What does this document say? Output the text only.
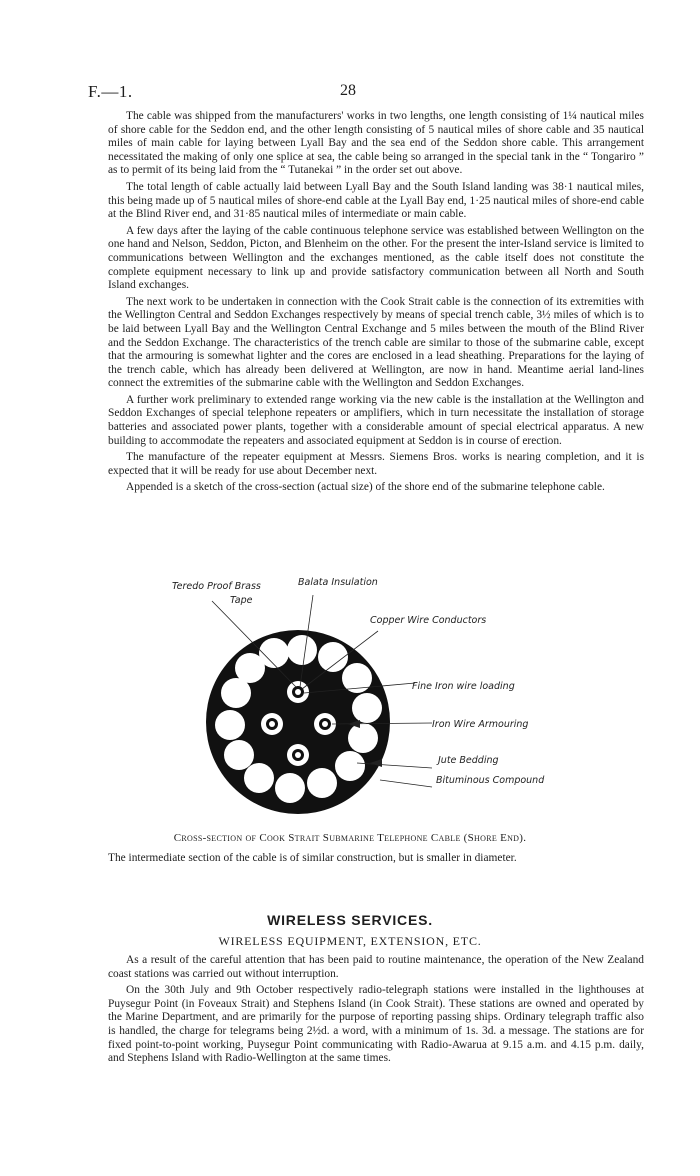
F.—1.	28

The cable was shipped from the manufacturers' works in two lengths, one length consisting of 1¼ nautical miles of shore cable for the Seddon end, and the other length consisting of 5 nautical miles of shore cable and 35 nautical miles of main cable for laying between Lyall Bay and the sea end of the Seddon shore cable. This arrangement necessitated the making of only one splice at sea, the cable being so arranged in the special tank in the “ Tongariro ” as to permit of its being laid from the “ Tutanekai ” in the order set out above.

The total length of cable actually laid between Lyall Bay and the South Island landing was 38·1 nautical miles, this being made up of 5 nautical miles of shore-end cable at the Lyall Bay end, 1·25 nautical miles of shore-end cable at the Blind River end, and 31·85 nautical miles of intermediate or main cable.

A few days after the laying of the cable continuous telephone service was established between Wellington on the one hand and Nelson, Seddon, Picton, and Blenheim on the other. For the present the inter-Island service is limited to communications between Wellington and the exchanges mentioned, as the cable itself does not constitute the complete equipment necessary to link up and provide satisfactory communication between all North and South Island exchanges.

The next work to be undertaken in connection with the Cook Strait cable is the connection of its extremities with the Wellington Central and Seddon Exchanges respectively by means of special trench cable, 3½ miles of which is to be laid between Lyall Bay and the Wellington Central Exchange and 5 miles between the mouth of the Blind River and the Seddon Exchange. The characteristics of the trench cable are similar to those of the submarine cable, except that the armouring is somewhat lighter and the cores are enclosed in a lead sheathing. Preparations for the laying of the trench cable, which has already been delivered at Wellington, are now in hand. Meantime aerial land-lines connect the extremities of the submarine cable with the Wellington and Seddon Exchanges.

A further work preliminary to extended range working via the new cable is the installation at the Wellington and Seddon Exchanges of special telephone repeaters or amplifiers, which in turn necessitate the installation of storage batteries and associated power plants, together with a considerable amount of special electrical apparatus. A new building to accommodate the repeaters and associated equipment at Seddon is in course of erection.

The manufacture of the repeater equipment at Messrs. Siemens Bros. works is nearing completion, and it is expected that it will be ready for use about December next.

Appended is a sketch of the cross-section (actual size) of the shore end of the submarine telephone cable.

Teredo Proof Brass
Tape
Balata Insulation
Copper Wire Conductors
Fine Iron wire loading
Iron Wire Armouring
Jute Bedding
Bituminous Compound
Cross-section of Cook Strait Submarine Telephone Cable (Shore End).
The intermediate section of the cable is of similar construction, but is smaller in diameter.
WIRELESS SERVICES.
WIRELESS EQUIPMENT, EXTENSION, ETC.

As a result of the careful attention that has been paid to routine maintenance, the operation of the New Zealand coast stations was carried out without interruption.

On the 30th July and 9th October respectively radio-telegraph stations were installed in the lighthouses at Puysegur Point (in Foveaux Strait) and Stephens Island (in Cook Strait). These stations are owned and operated by the Marine Department, and are primarily for the purpose of reporting passing ships. Ordinary telegraph traffic also is handled, the charge for telegrams being 2½d. a word, with a minimum of 1s. 3d. a message. The stations are for fixed point-to-point working, Puysegur Point communicating with Radio-Awarua at 9.15 a.m. and 4.15 p.m. daily, and Stephens Island with Radio-Wellington at the same times.
